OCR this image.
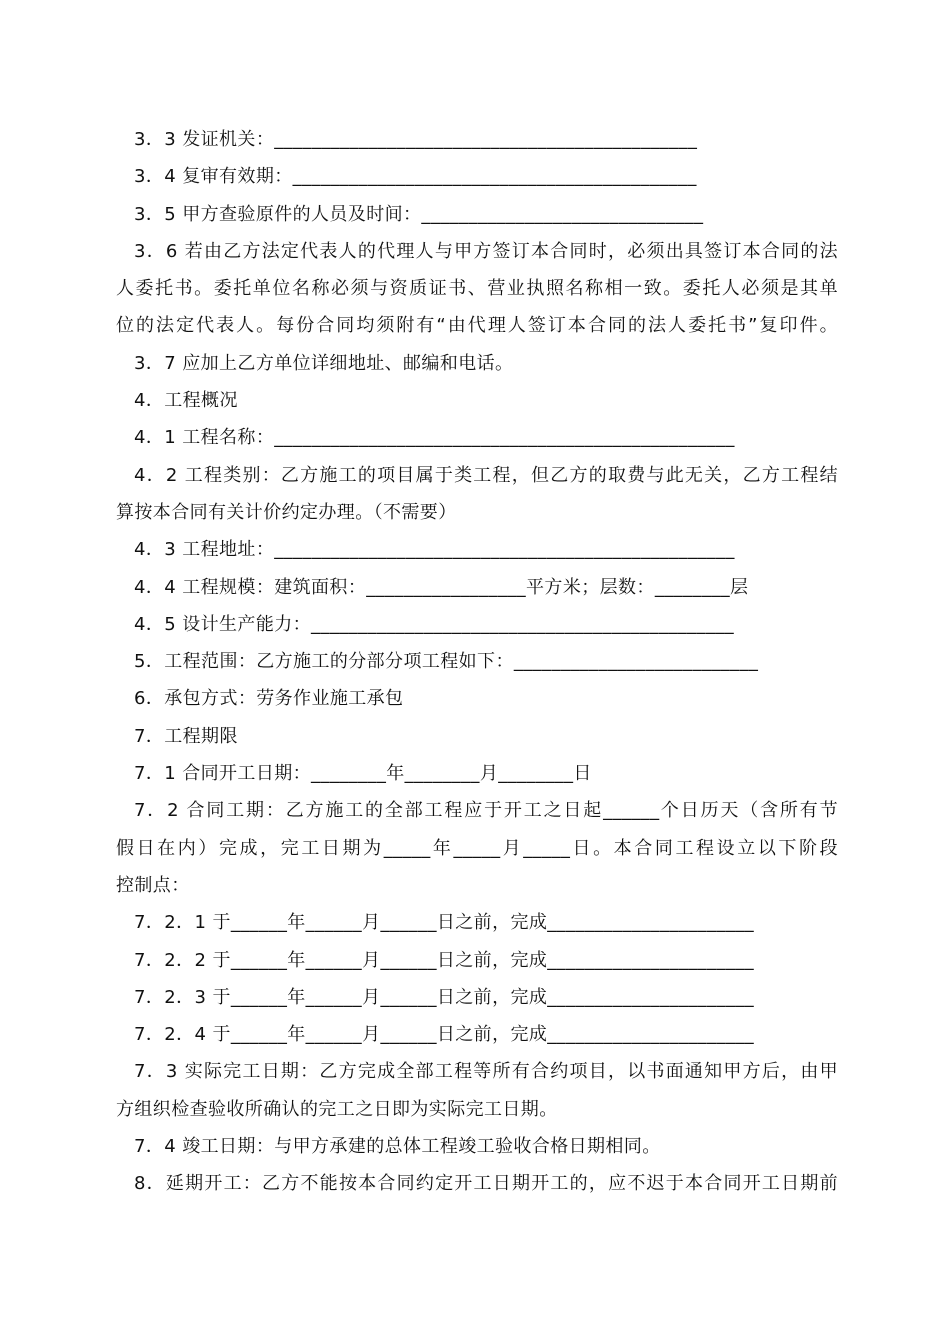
3．3 发证机关：_____________________________________________
3．4 复审有效期：___________________________________________
3．5 甲方查验原件的人员及时间：______________________________
3．6 若由乙方法定代表人的代理人与甲方签订本合同时，必须出具签订本合同的法
人委托书。委托单位名称必须与资质证书、营业执照名称相一致。委托人必须是其单
位的法定代表人。每份合同均须附有“由代理人签订本合同的法人委托书”复印件。
3．7 应加上乙方单位详细地址、邮编和电话。
4．工程概况
4．1 工程名称：_________________________________________________
4．2 工程类别：乙方施工的项目属于类工程，但乙方的取费与此无关，乙方工程结
算按本合同有关计价约定办理。（不需要）
4．3 工程地址：_________________________________________________
4．4 工程规模：建筑面积：_________________平方米；层数：________层
4．5 设计生产能力：_____________________________________________
5．工程范围：乙方施工的分部分项工程如下：__________________________
6．承包方式：劳务作业施工承包
7．工程期限
7．1 合同开工日期：________年________月________日
7．2 合同工期：乙方施工的全部工程应于开工之日起______个日历天（含所有节
假日在内）完成，完工日期为_____年_____月_____日。本合同工程设立以下阶段
控制点：
7．2．1 于______年______月______日之前，完成______________________
7．2．2 于______年______月______日之前，完成______________________
7．2．3 于______年______月______日之前，完成______________________
7．2．4 于______年______月______日之前，完成______________________
7．3 实际完工日期：乙方完成全部工程等所有合约项目，以书面通知甲方后，由甲
方组织检查验收所确认的完工之日即为实际完工日期。
7．4 竣工日期：与甲方承建的总体工程竣工验收合格日期相同。
8．延期开工：乙方不能按本合同约定开工日期开工的，应不迟于本合同开工日期前
